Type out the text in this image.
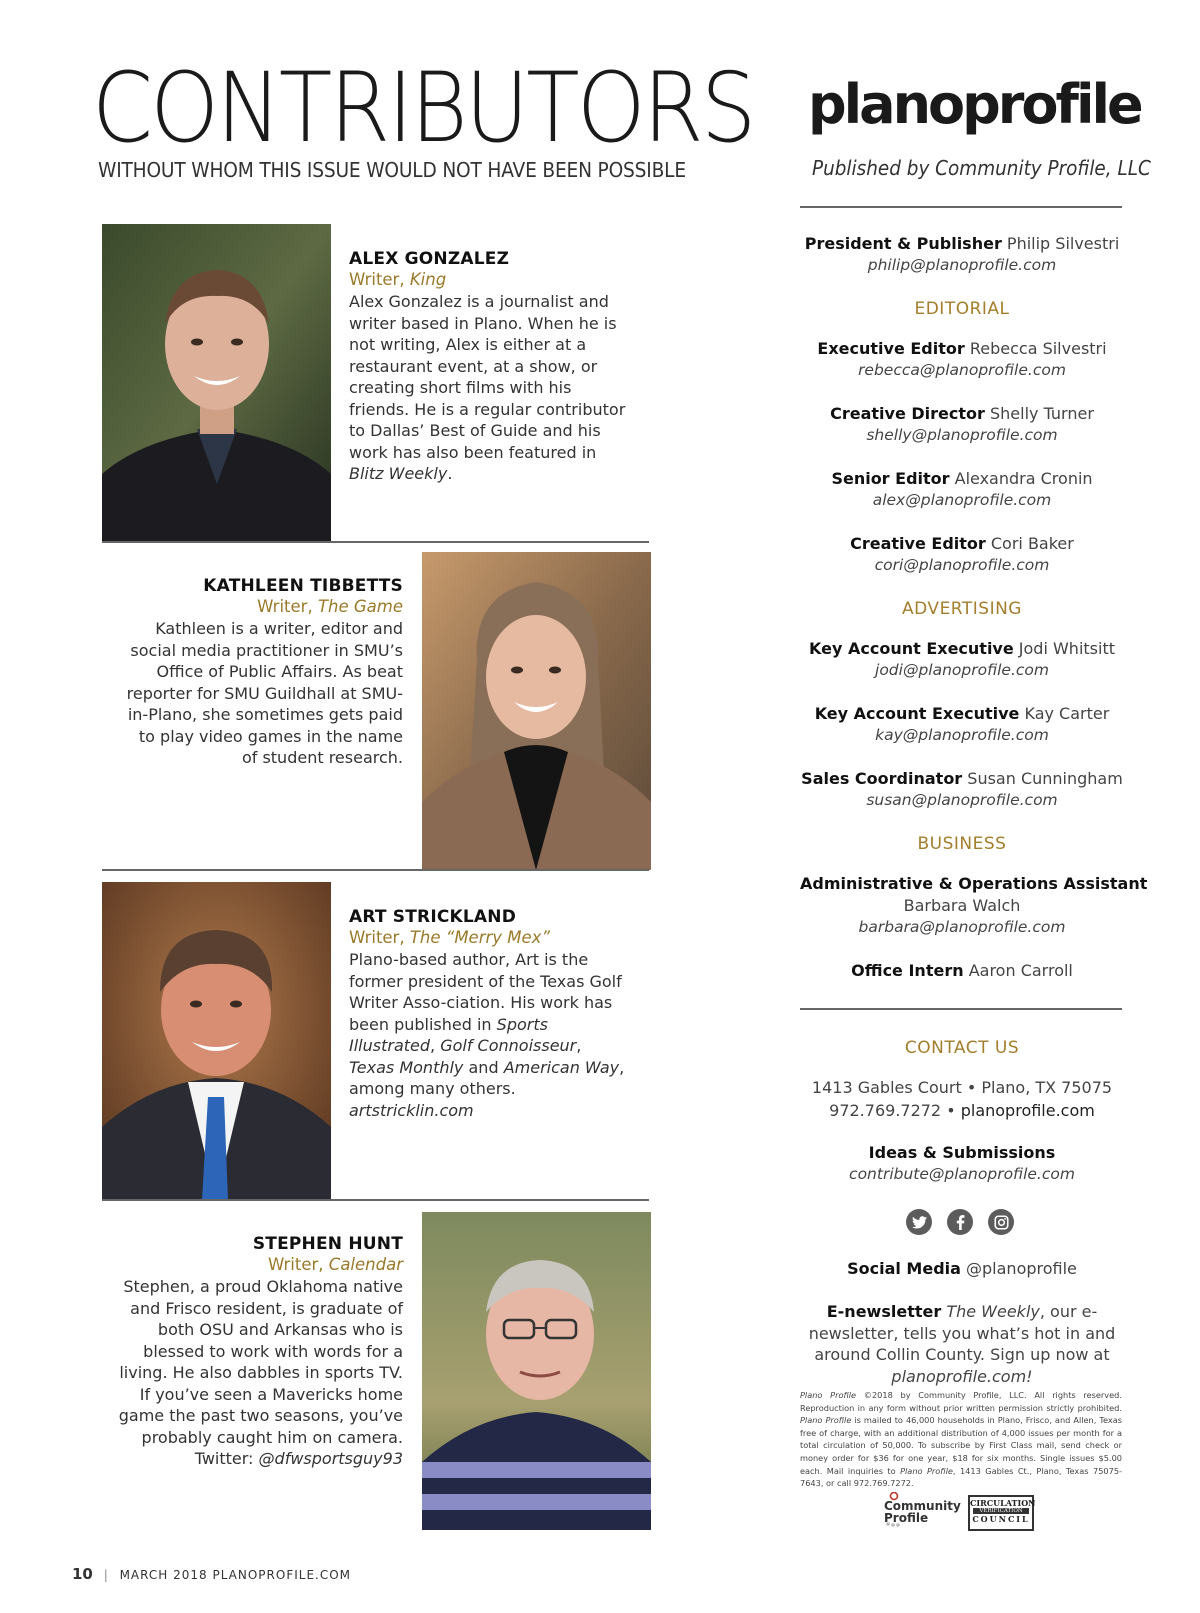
CONTRIBUTORS
WITHOUT WHOM THIS ISSUE WOULD NOT HAVE BEEN POSSIBLE
planoprofile
Published by Community Profile, LLC
ALEX GONZALEZ
Writer, King
Alex Gonzalez is a journalist and writer based in Plano. When he is not writing, Alex is either at a restaurant event, at a show, or creating short films with his friends. He is a regular contributor to Dallas’ Best of Guide and his work has also been featured in Blitz Weekly.
KATHLEEN TIBBETTS
Writer, The Game
Kathleen is a writer, editor and social media practitioner in SMU’s Office of Public Affairs. As beat reporter for SMU Guildhall at SMU-in-Plano, she sometimes gets paid to play video games in the name of student research.
ART STRICKLAND
Writer, The “Merry Mex”
Plano-based author, Art is the former president of the Texas Golf Writer Asso-ciation. His work has been published in Sports Illustrated, Golf Connoisseur, Texas Monthly and American Way, among many others.
artstricklin.com
STEPHEN HUNT
Writer, Calendar
Stephen, a proud Oklahoma native and Frisco resident, is graduate of both OSU and Arkansas who is blessed to work with words for a living. He also dabbles in sports TV. If you’ve seen a Mavericks home game the past two seasons, you’ve probably caught him on camera.
Twitter: @dfwsportsguy93
President & Publisher Philip Silvestri
philip@planoprofile.com
EDITORIAL
Executive Editor Rebecca Silvestri
rebecca@planoprofile.com
Creative Director Shelly Turner
shelly@planoprofile.com
Senior Editor Alexandra Cronin
alex@planoprofile.com
Creative Editor Cori Baker
cori@planoprofile.com
ADVERTISING
Key Account Executive Jodi Whitsitt
jodi@planoprofile.com
Key Account Executive Kay Carter
kay@planoprofile.com
Sales Coordinator Susan Cunningham
susan@planoprofile.com
BUSINESS
Administrative & Operations Assistant
Barbara Walch
barbara@planoprofile.com
Office Intern Aaron Carroll
CONTACT US
1413 Gables Court • Plano, TX 75075
972.769.7272 • planoprofile.com
Ideas & Submissions
contribute@planoprofile.com
Social Media @planoprofile
E-newsletter The Weekly, our e-newsletter, tells you what’s hot in and around Collin County. Sign up now at planoprofile.com!
Plano Profile ©2018 by Community Profile, LLC. All rights reserved. Reproduction in any form without prior written permission strictly prohibited. Plano Profile is mailed to 46,000 households in Plano, Frisco, and Allen, Texas free of charge, with an additional distribution of 4,000 issues per month for a total circulation of 50,000. To subscribe by First Class mail, send check or money order for $36 for one year, $18 for six months. Single issues $5.00 each. Mail inquiries to Plano Profile, 1413 Gables Ct., Plano, Texas 75075-7643, or call 972.769.7272.
Community
Profile
CIRCULATION
VERIFICATION
COUNCIL
10 | MARCH 2018 PLANOPROFILE.COM
